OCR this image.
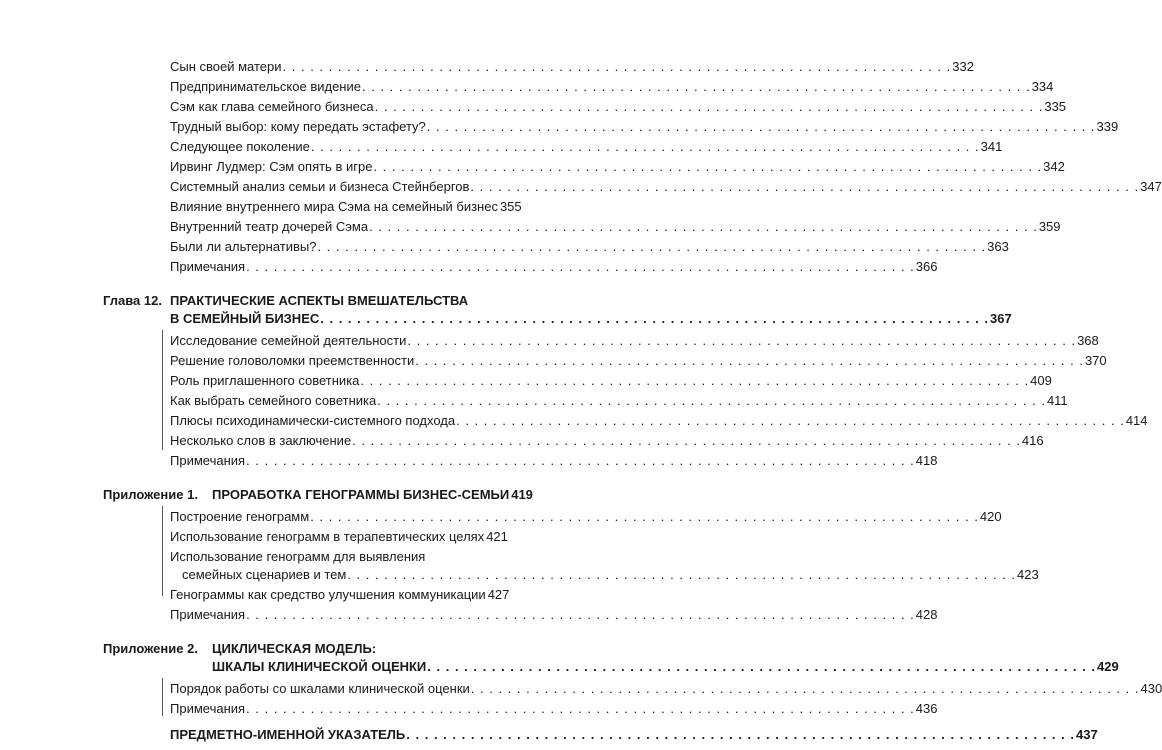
Сын своей матери . . . . . . . . . . . . . . . . . . . . . . . . . . . . . . . . . . . . . . . . . . . . . . . . . . . . . . . . . . . . . . . . . . . . . . . . . 332
Предпринимательское видение . . . . . . . . . . . . . . . . . . . . . . . . . . . . . . . . . . . . . . . . . . . . . . . . . . . . . . . . . . . . . . . . . . . . . . . . . 334
Сэм как глава семейного бизнеса . . . . . . . . . . . . . . . . . . . . . . . . . . . . . . . . . . . . . . . . . . . . . . . . . . . . . . . . . . . . . . . . . . . . . . . . . 335
Трудный выбор: кому передать эстафету? . . . . . . . . . . . . . . . . . . . . . . . . . . . . . . . . . . . . . . . . . . . . . . . . . . . . . . . . . . . . . . . . . . . . . . . . . 339
Следующее поколение . . . . . . . . . . . . . . . . . . . . . . . . . . . . . . . . . . . . . . . . . . . . . . . . . . . . . . . . . . . . . . . . . . . . . . . . . 341
Ирвинг Лудмер: Сэм опять в игре . . . . . . . . . . . . . . . . . . . . . . . . . . . . . . . . . . . . . . . . . . . . . . . . . . . . . . . . . . . . . . . . . . . . . . . . . 342
Системный анализ семьи и бизнеса Стейнбергов . . . . . . . . . . . . . . . . . . . . . . . . . . . . . . . . . . . . . . . . . . . . . . . . . . . . . . . . . . . . . . . . . . . . . . . . . 347
Влияние внутреннего мира Сэма на семейный бизнес 355
Внутренний театр дочерей Сэма . . . . . . . . . . . . . . . . . . . . . . . . . . . . . . . . . . . . . . . . . . . . . . . . . . . . . . . . . . . . . . . . . . . . . . . . . 359
Были ли альтернативы? . . . . . . . . . . . . . . . . . . . . . . . . . . . . . . . . . . . . . . . . . . . . . . . . . . . . . . . . . . . . . . . . . . . . . . . . . 363
Примечания . . . . . . . . . . . . . . . . . . . . . . . . . . . . . . . . . . . . . . . . . . . . . . . . . . . . . . . . . . . . . . . . . . . . . . . . . 366
Глава 12. ПРАКТИЧЕСКИЕ АСПЕКТЫ ВМЕШАТЕЛЬСТВА
В СЕМЕЙНЫЙ БИЗНЕС . . . . . . . . . . . . . . . . . . . . . . . . . . . . . . . . . . . . . . . . . . . . . . . . . . . . . . . . . . . . . . . . . . . . . . . . . 367
Исследование семейной деятельности . . . . . . . . . . . . . . . . . . . . . . . . . . . . . . . . . . . . . . . . . . . . . . . . . . . . . . . . . . . . . . . . . . . . . . . . . 368
Решение головоломки преемственности . . . . . . . . . . . . . . . . . . . . . . . . . . . . . . . . . . . . . . . . . . . . . . . . . . . . . . . . . . . . . . . . . . . . . . . . . 370
Роль приглашенного советника . . . . . . . . . . . . . . . . . . . . . . . . . . . . . . . . . . . . . . . . . . . . . . . . . . . . . . . . . . . . . . . . . . . . . . . . . 409
Как выбрать семейного советника . . . . . . . . . . . . . . . . . . . . . . . . . . . . . . . . . . . . . . . . . . . . . . . . . . . . . . . . . . . . . . . . . . . . . . . . . 411
Плюсы психодинамически-системного подхода . . . . . . . . . . . . . . . . . . . . . . . . . . . . . . . . . . . . . . . . . . . . . . . . . . . . . . . . . . . . . . . . . . . . . . . . . 414
Несколько слов в заключение . . . . . . . . . . . . . . . . . . . . . . . . . . . . . . . . . . . . . . . . . . . . . . . . . . . . . . . . . . . . . . . . . . . . . . . . . 416
Примечания . . . . . . . . . . . . . . . . . . . . . . . . . . . . . . . . . . . . . . . . . . . . . . . . . . . . . . . . . . . . . . . . . . . . . . . . . 418
Приложение 1. ПРОРАБОТКА ГЕНОГРАММЫ БИЗНЕС-СЕМЬИ 419
Построение генограмм . . . . . . . . . . . . . . . . . . . . . . . . . . . . . . . . . . . . . . . . . . . . . . . . . . . . . . . . . . . . . . . . . . . . . . . . . 420
Использование генограмм в терапевтических целях 421
Использование генограмм для выявления
семейных сценариев и тем . . . . . . . . . . . . . . . . . . . . . . . . . . . . . . . . . . . . . . . . . . . . . . . . . . . . . . . . . . . . . . . . . . . . . . . . . 423
Генограммы как средство улучшения коммуникации 427
Примечания . . . . . . . . . . . . . . . . . . . . . . . . . . . . . . . . . . . . . . . . . . . . . . . . . . . . . . . . . . . . . . . . . . . . . . . . . 428
Приложение 2. ЦИКЛИЧЕСКАЯ МОДЕЛЬ:
ШКАЛЫ КЛИНИЧЕСКОЙ ОЦЕНКИ . . . . . . . . . . . . . . . . . . . . . . . . . . . . . . . . . . . . . . . . . . . . . . . . . . . . . . . . . . . . . . . . . . . . . . . . . 429
Порядок работы со шкалами клинической оценки . . . . . . . . . . . . . . . . . . . . . . . . . . . . . . . . . . . . . . . . . . . . . . . . . . . . . . . . . . . . . . . . . . . . . . . . . 430
Примечания . . . . . . . . . . . . . . . . . . . . . . . . . . . . . . . . . . . . . . . . . . . . . . . . . . . . . . . . . . . . . . . . . . . . . . . . . 436
ПРЕДМЕТНО-ИМЕННОЙ УКАЗАТЕЛЬ . . . . . . . . . . . . . . . . . . . . . . . . . . . . . . . . . . . . . . . . . . . . . . . . . . . . . . . . . . . . . . . . . . . . . . . . . 437
